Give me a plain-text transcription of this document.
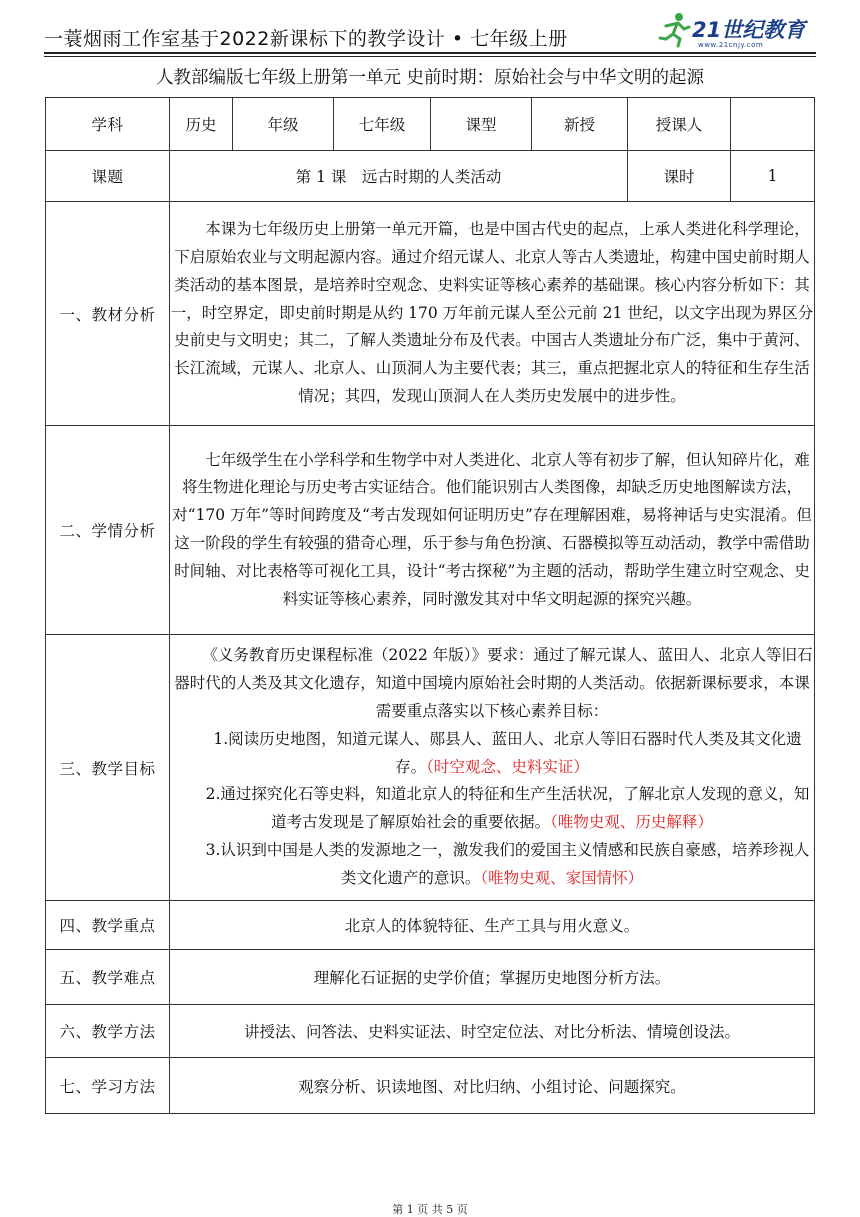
一蓑烟雨工作室基于2022新课标下的教学设计 • 七年级上册	21世纪教育
www.21cnjy.com
人教部编版七年级上册第一单元 史前时期：原始社会与中华文明的起源
学科	历史	年级	七年级	课型	新授	授课人	
课题	第 1 课　远古时期的人类活动					课时	1
一、教材分析	本课为七年级历史上册第一单元开篇，也是中国古代史的起点，上承人类进化科学理论，下启原始农业与文明起源内容。通过介绍元谋人、北京人等古人类遗址，构建中国史前时期人类活动的基本图景，是培养时空观念、史料实证等核心素养的基础课。核心内容分析如下：其一，时空界定，即史前时期是从约 170 万年前元谋人至公元前 21 世纪，以文字出现为界区分史前史与文明史；其二，了解人类遗址分布及代表。中国古人类遗址分布广泛，集中于黄河、长江流域，元谋人、北京人、山顶洞人为主要代表；其三，重点把握北京人的特征和生存生活情况；其四，发现山顶洞人在人类历史发展中的进步性。						

二、学情分析	七年级学生在小学科学和生物学中对人类进化、北京人等有初步了解，但认知碎片化，难将生物进化理论与历史考古实证结合。他们能识别古人类图像，却缺乏历史地图解读方法，对“170 万年”等时间跨度及“考古发现如何证明历史”存在理解困难，易将神话与史实混淆。但这一阶段的学生有较强的猎奇心理，乐于参与角色扮演、石器模拟等互动活动，教学中需借助时间轴、对比表格等可视化工具，设计“考古探秘”为主题的活动，帮助学生建立时空观念、史料实证等核心素养，同时激发其对中华文明起源的探究兴趣。						

三、教学目标	《义务教育历史课程标准（2022 年版）》要求：通过了解元谋人、蓝田人、北京人等旧石器时代的人类及其文化遗存，知道中国境内原始社会时期的人类活动。依据新课标要求，本课需要重点落实以下核心素养目标：

1.阅读历史地图，知道元谋人、郧县人、蓝田人、北京人等旧石器时代人类及其文化遗存。（时空观念、史料实证）

2.通过探究化石等史料，知道北京人的特征和生产生活状况，了解北京人发现的意义，知道考古发现是了解原始社会的重要依据。（唯物史观、历史解释）

3.认识到中国是人类的发源地之一，激发我们的爱国主义情感和民族自豪感，培养珍视人类文化遗产的意识。（唯物史观、家国情怀）						

四、教学重点	北京人的体貌特征、生产工具与用火意义。						
五、教学难点	理解化石证据的史学价值；掌握历史地图分析方法。						
六、教学方法	讲授法、问答法、史料实证法、时空定位法、对比分析法、情境创设法。						
七、学习方法	观察分析、识读地图、对比归纳、小组讨论、问题探究。						
第 1 页 共 5 页
